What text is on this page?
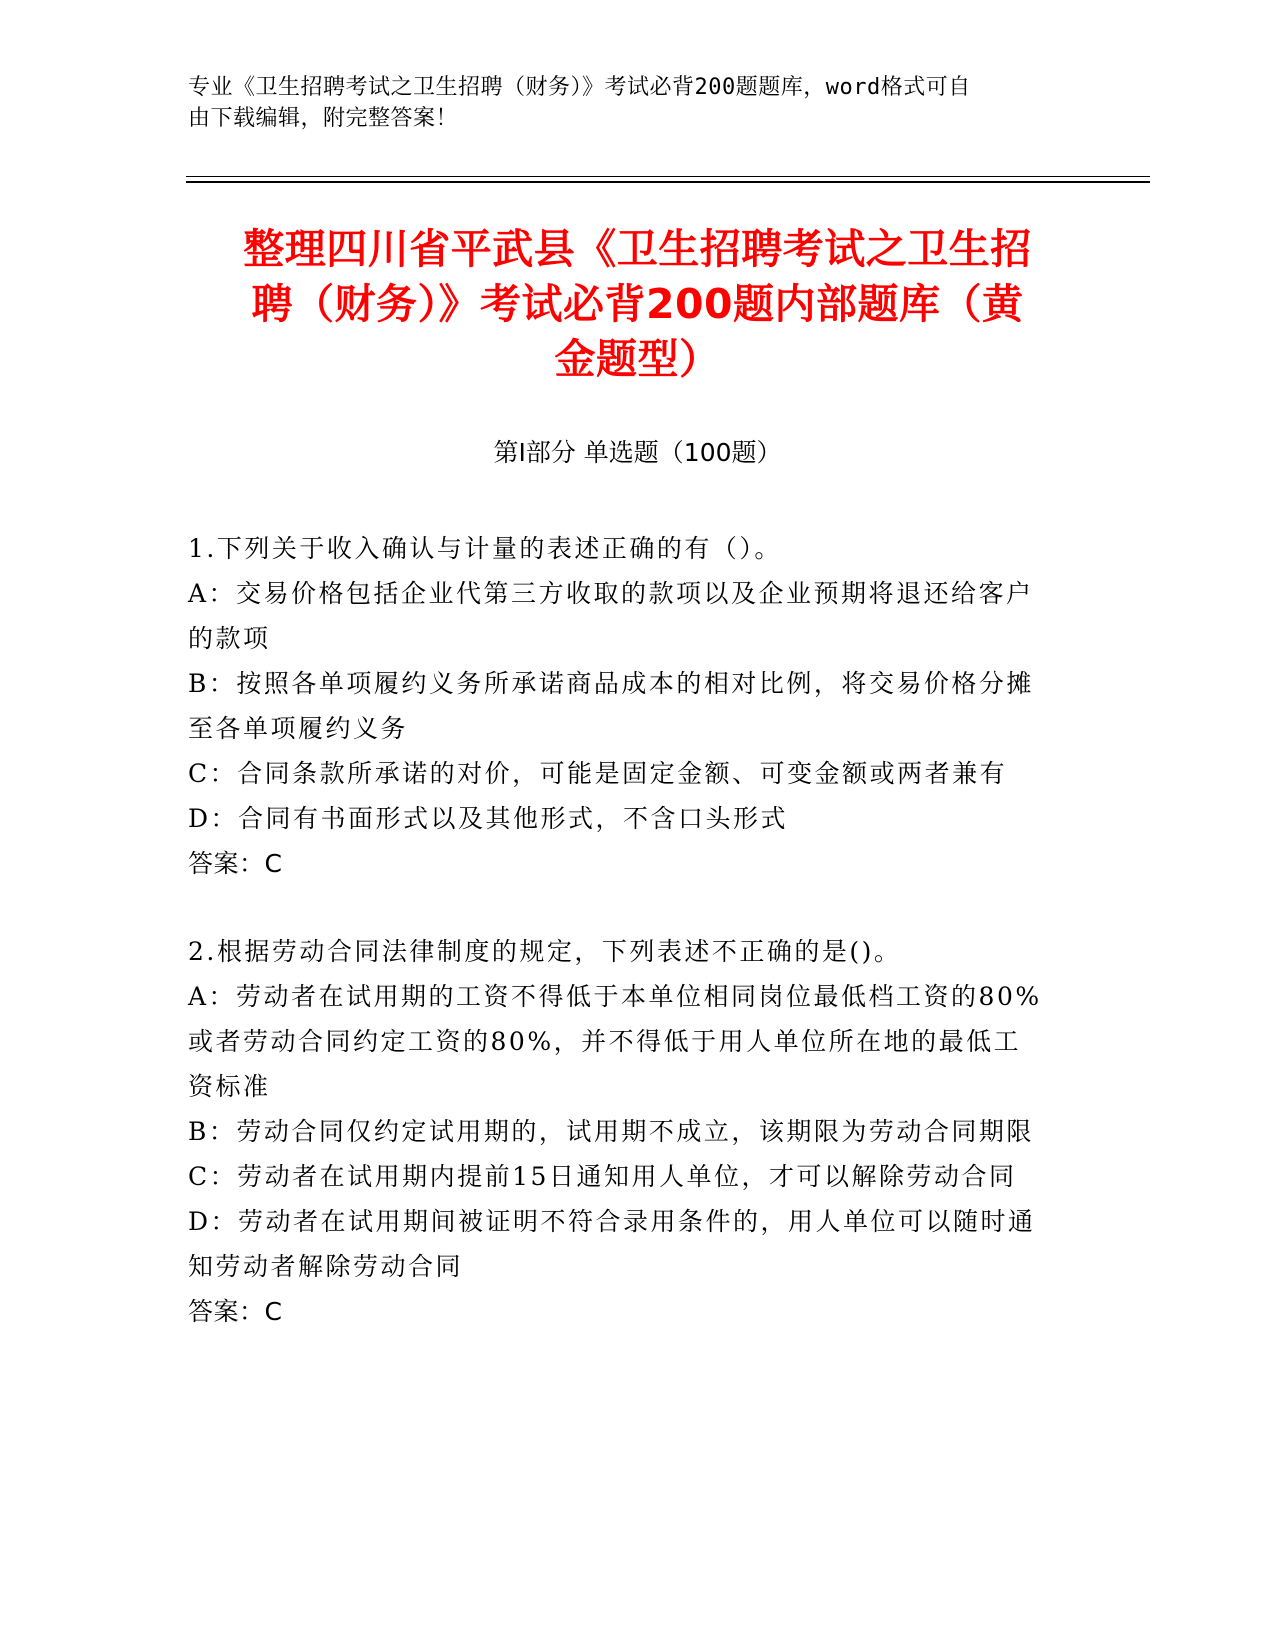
专业《卫生招聘考试之卫生招聘（财务）》考试必背200题题库，word格式可自
由下载编辑，附完整答案！
整理四川省平武县《卫生招聘考试之卫生招
聘（财务）》考试必背200题内部题库（黄
金题型）
第I部分 单选题（100题）

1.下列关于收入确认与计量的表述正确的有（）。

A：交易价格包括企业代第三方收取的款项以及企业预期将退还给客户

的款项

B：按照各单项履约义务所承诺商品成本的相对比例，将交易价格分摊

至各单项履约义务

C：合同条款所承诺的对价，可能是固定金额、可变金额或两者兼有

D：合同有书面形式以及其他形式，不含口头形式

答案：C

2.根据劳动合同法律制度的规定，下列表述不正确的是()。

A：劳动者在试用期的工资不得低于本单位相同岗位最低档工资的80%

或者劳动合同约定工资的80%，并不得低于用人单位所在地的最低工

资标准

B：劳动合同仅约定试用期的，试用期不成立，该期限为劳动合同期限

C：劳动者在试用期内提前15日通知用人单位，才可以解除劳动合同

D：劳动者在试用期间被证明不符合录用条件的，用人单位可以随时通

知劳动者解除劳动合同

答案：C
